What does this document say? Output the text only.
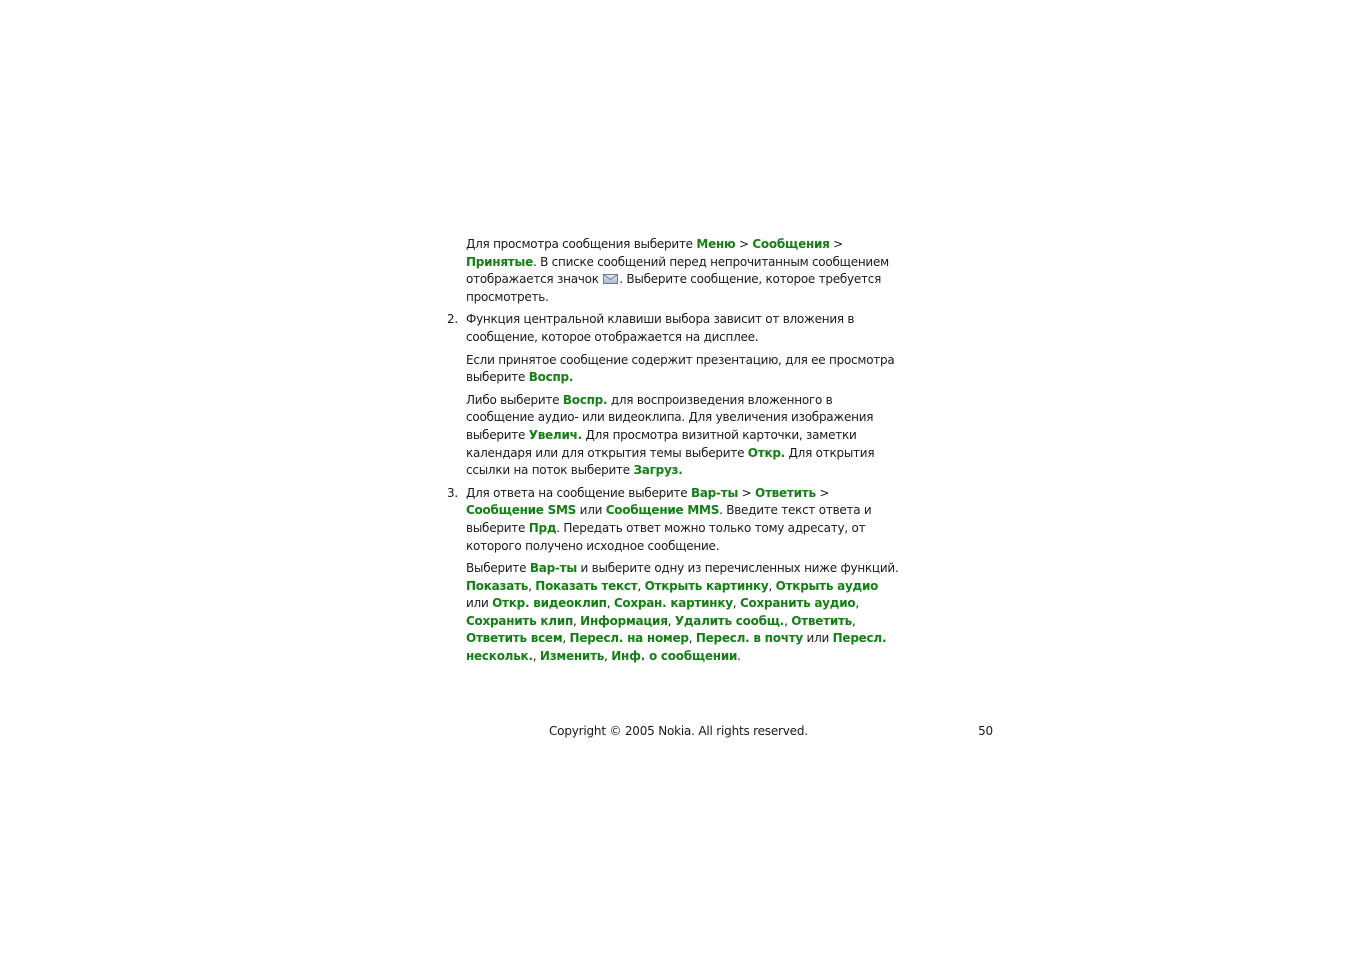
Для просмотра сообщения выберите Меню > Сообщения > Принятые. В списке сообщений перед непрочитанным сообщением отображается значок
. Выберите сообщение, которое требуется просмотреть.

2. Функция центральной клавиши выбора зависит от вложения в сообщение, которое отображается на дисплее.

Если принятое сообщение содержит презентацию, для ее просмотра выберите Воспр.

Либо выберите Воспр. для воспроизведения вложенного в сообщение аудио- или видеоклипа. Для увеличения изображения выберите Увелич. Для просмотра визитной карточки, заметки календаря или для открытия темы выберите Откр. Для открытия ссылки на поток выберите Загруз.

3. Для ответа на сообщение выберите Вар-ты > Ответить > Сообщение SMS или Сообщение MMS. Введите текст ответа и выберите Прд. Передать ответ можно только тому адресату, от которого получено исходное сообщение.

Выберите Вар-ты и выберите одну из перечисленных ниже функций. Показать, Показать текст, Открыть картинку, Открыть аудио или Откр. видеоклип, Сохран. картинку, Сохранить аудио, Сохранить клип, Информация, Удалить сообщ., Ответить, Ответить всем, Пересл. на номер, Пересл. в почту или Пересл. нескольк., Изменить, Инф. о сообщении.

Copyright © 2005 Nokia. All rights reserved.	50
